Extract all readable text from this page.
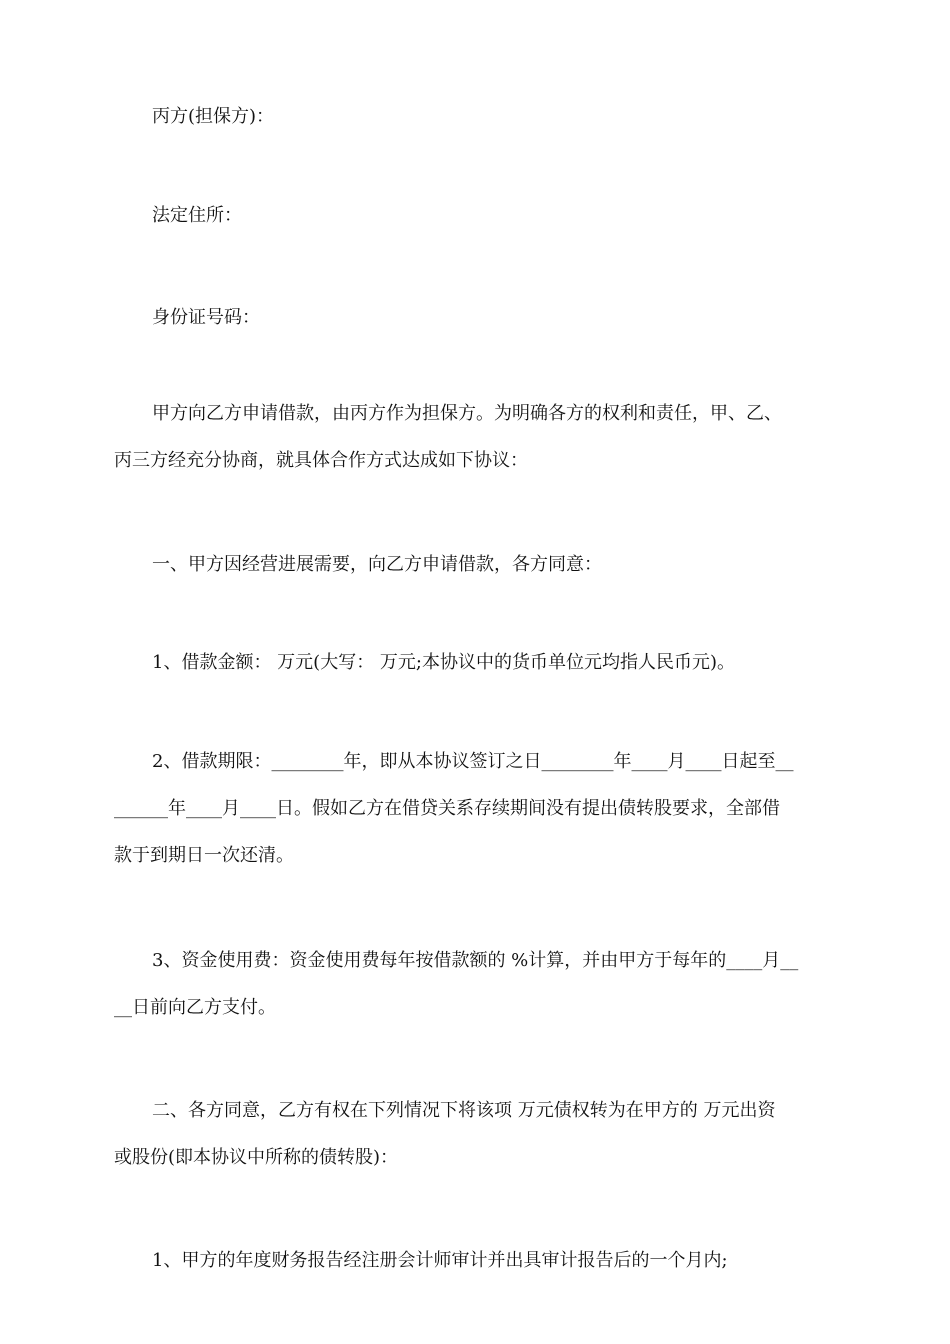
丙方(担保方)：

法定住所：

身份证号码：

甲方向乙方申请借款，由丙方作为担保方。为明确各方的权利和责任，甲、乙、
丙三方经充分协商，就具体合作方式达成如下协议：

一、甲方因经营进展需要，向乙方申请借款，各方同意：

1、借款金额： 万元(大写： 万元;本协议中的货币单位元均指人民币元)。

2、借款期限：________年，即从本协议签订之日________年____月____日起至__
______年____月____日。假如乙方在借贷关系存续期间没有提出债转股要求，全部借
款于到期日一次还清。

3、资金使用费：资金使用费每年按借款额的 %计算，并由甲方于每年的____月__
__日前向乙方支付。

二、各方同意，乙方有权在下列情况下将该项 万元债权转为在甲方的 万元出资
或股份(即本协议中所称的债转股)：

1、甲方的年度财务报告经注册会计师审计并出具审计报告后的一个月内;
